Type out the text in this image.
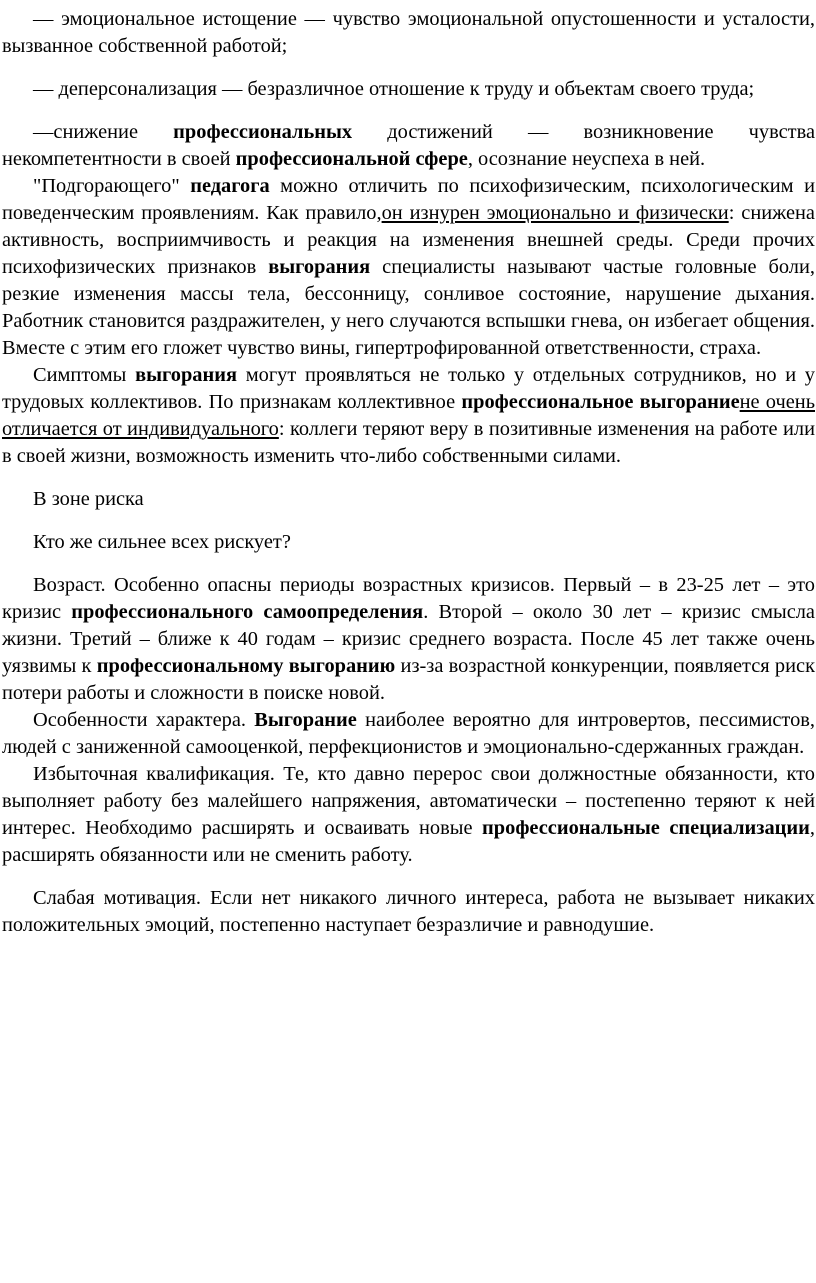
— эмоциональное истощение — чувство эмоциональной опустошенности и усталости, вызванное собственной работой;

— деперсонализация — безразличное отношение к труду и объектам своего труда;

—снижение профессиональных достижений — возникновение чувства некомпетентности в своей профессиональной сфере, осознание неуспеха в ней.

"Подгорающего" педагога можно отличить по психофизическим, психологическим и поведенческим проявлениям. Как правило,он изнурен эмоционально и физически: снижена активность, восприимчивость и реакция на изменения внешней среды. Среди прочих психофизических признаков выгорания специалисты называют частые головные боли, резкие изменения массы тела, бессонницу, сонливое состояние, нарушение дыхания. Работник становится раздражителен, у него случаются вспышки гнева, он избегает общения. Вместе с этим его гложет чувство вины, гипертрофированной ответственности, страха.

Симптомы выгорания могут проявляться не только у отдельных сотрудников, но и у трудовых коллективов. По признакам коллективное профессиональное выгораниене очень отличается от индивидуального: коллеги теряют веру в позитивные изменения на работе или в своей жизни, возможность изменить что-либо собственными силами.

В зоне риска

Кто же сильнее всех рискует?

Возраст. Особенно опасны периоды возрастных кризисов. Первый – в 23-25 лет – это кризис профессионального самоопределения. Второй – около 30 лет – кризис смысла жизни. Третий – ближе к 40 годам – кризис среднего возраста. После 45 лет также очень уязвимы к профессиональному выгоранию из-за возрастной конкуренции, появляется риск потери работы и сложности в поиске новой.

Особенности характера. Выгорание наиболее вероятно для интровертов, пессимистов, людей с заниженной самооценкой, перфекционистов и эмоционально-сдержанных граждан.

Избыточная квалификация. Те, кто давно перерос свои должностные обязанности, кто выполняет работу без малейшего напряжения, автоматически – постепенно теряют к ней интерес. Необходимо расширять и осваивать новые профессиональные специализации, расширять обязанности или не сменить работу.

Слабая мотивация. Если нет никакого личного интереса, работа не вызывает никаких положительных эмоций, постепенно наступает безразличие и равнодушие.
